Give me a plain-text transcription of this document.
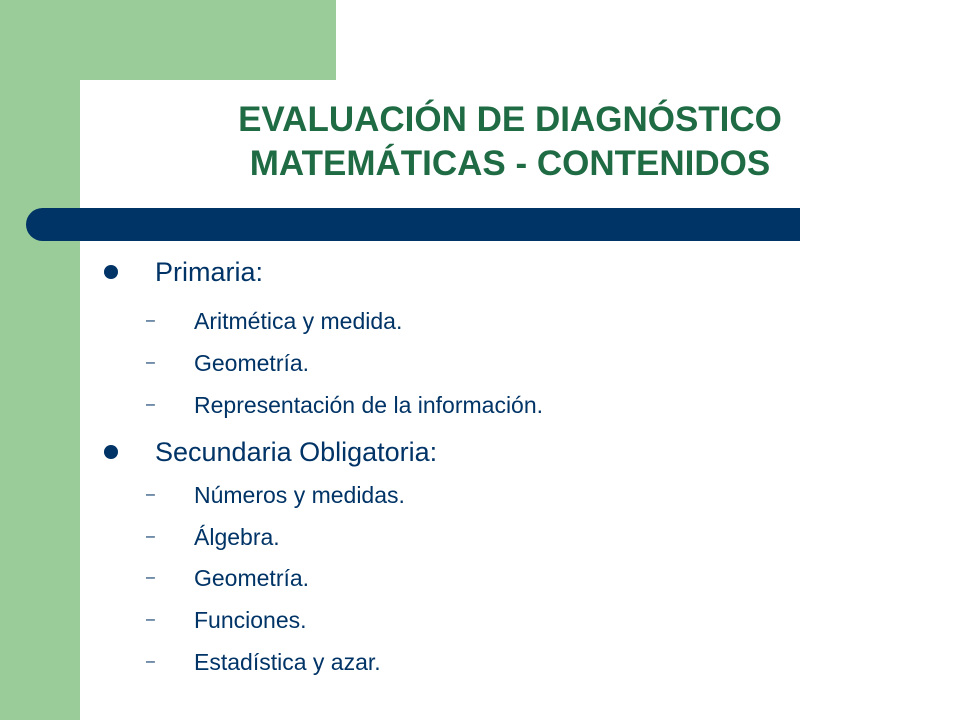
EVALUACIÓN DE DIAGNÓSTICO
MATEMÁTICAS - CONTENIDOS
Primaria:
– Aritmética y medida.
– Geometría.
– Representación de la información.
Secundaria Obligatoria:
– Números y medidas.
– Álgebra.
– Geometría.
– Funciones.
– Estadística y azar.
